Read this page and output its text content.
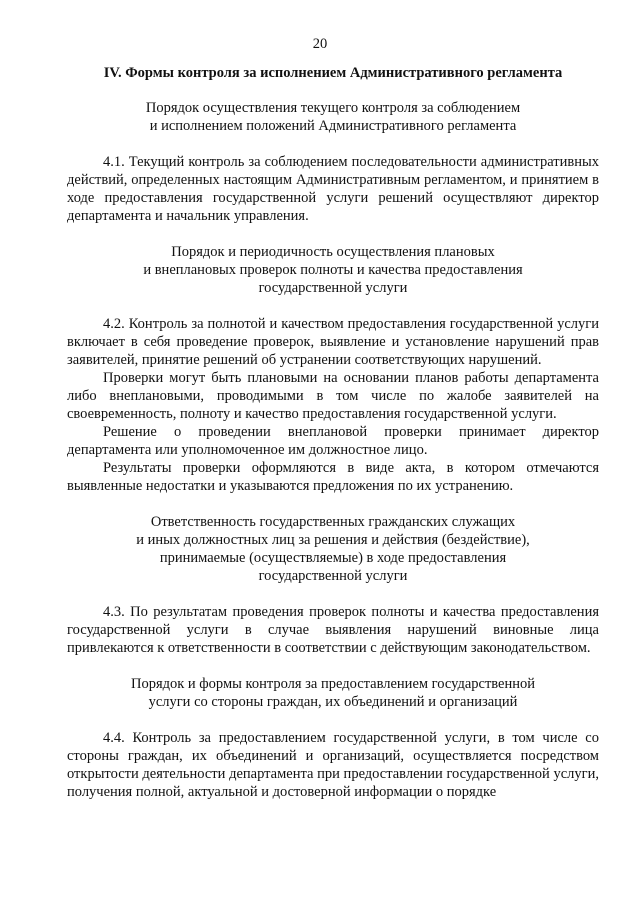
20

IV. Формы контроля за исполнением Административного регламента

Порядок осуществления текущего контроля за соблюдением
и исполнением положений Административного регламента

4.1. Текущий контроль за соблюдением последовательности административных действий, определенных настоящим Административным регламентом, и принятием в ходе предоставления государственной услуги решений осуществляют директор департамента и начальник управления.

Порядок и периодичность осуществления плановых
и внеплановых проверок полноты и качества предоставления
государственной услуги

4.2. Контроль за полнотой и качеством предоставления государственной услуги включает в себя проведение проверок, выявление и установление нарушений прав заявителей, принятие решений об устранении соответствующих нарушений.

Проверки могут быть плановыми на основании планов работы департамента либо внеплановыми, проводимыми в том числе по жалобе заявителей на своевременность, полноту и качество предоставления государственной услуги.

Решение о проведении внеплановой проверки принимает директор департамента или уполномоченное им должностное лицо.

Результаты проверки оформляются в виде акта, в котором отмечаются выявленные недостатки и указываются предложения по их устранению.

Ответственность государственных гражданских служащих
и иных должностных лиц за решения и действия (бездействие),
принимаемые (осуществляемые) в ходе предоставления
государственной услуги

4.3. По результатам проведения проверок полноты и качества предоставления государственной услуги в случае выявления нарушений виновные лица привлекаются к ответственности в соответствии с действующим законодательством.

Порядок и формы контроля за предоставлением государственной
услуги со стороны граждан, их объединений и организаций

4.4. Контроль за предоставлением государственной услуги, в том числе со стороны граждан, их объединений и организаций, осуществляется посредством открытости деятельности департамента при предоставлении государственной услуги, получения полной, актуальной и достоверной информации о порядке
